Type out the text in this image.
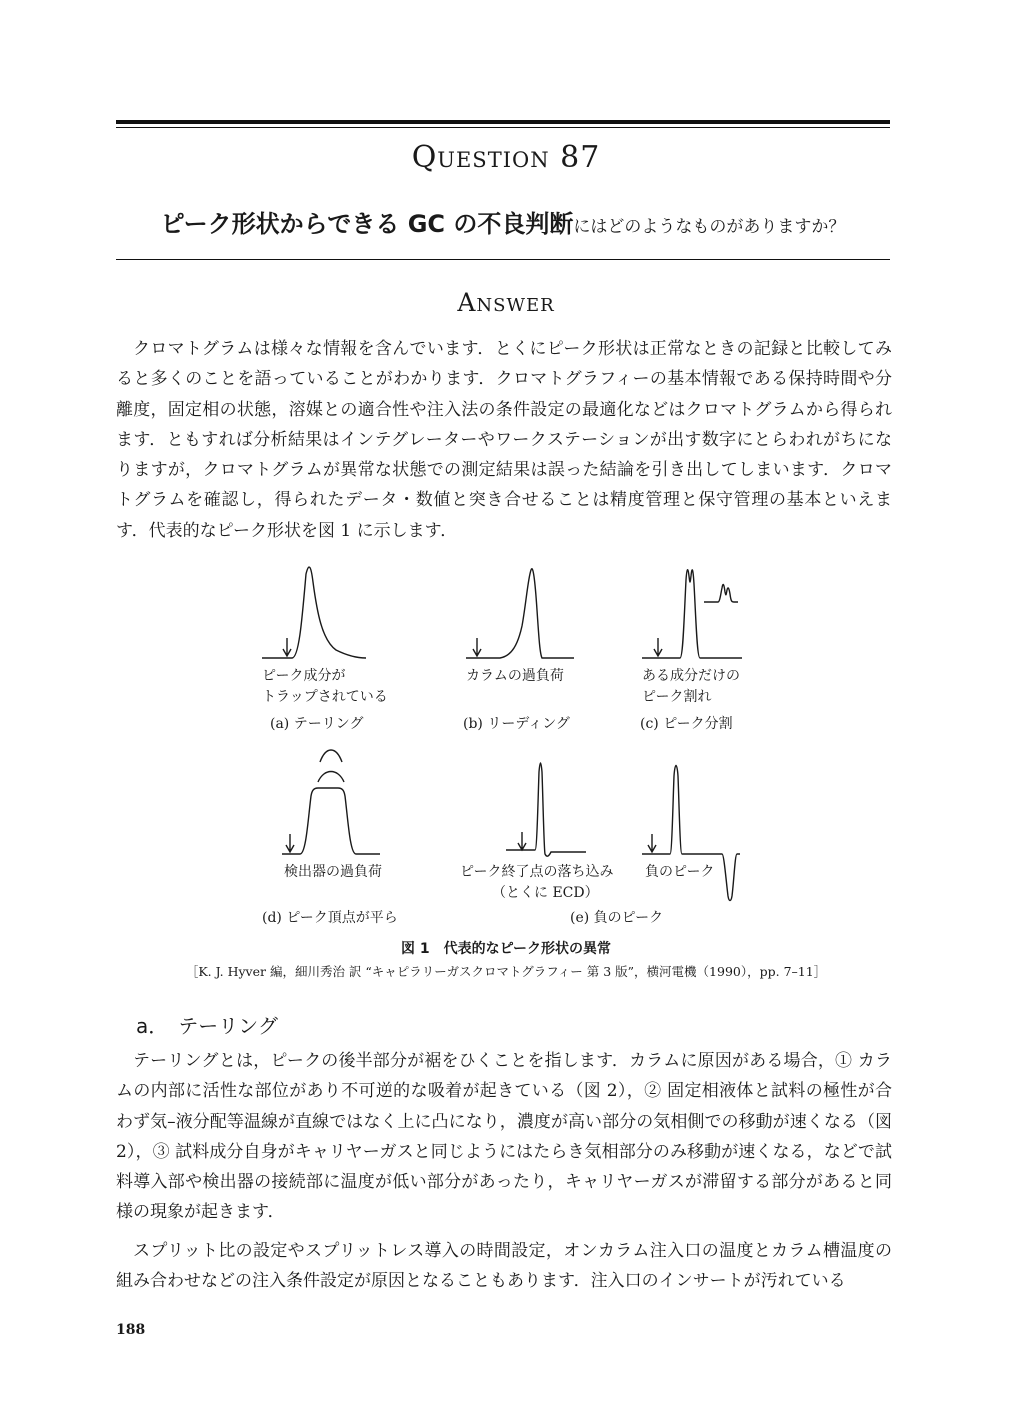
Question 87
ピーク形状からできる GC の不良判断にはどのようなものがありますか？
Answer

クロマトグラムは様々な情報を含んでいます．とくにピーク形状は正常なときの記録と比較してみると多くのことを語っていることがわかります．クロマトグラフィーの基本情報である保持時間や分離度，固定相の状態，溶媒との適合性や注入法の条件設定の最適化などはクロマトグラムから得られます．ともすれば分析結果はインテグレーターやワークステーションが出す数字にとらわれがちになりますが，クロマトグラムが異常な状態での測定結果は誤った結論を引き出してしまいます．クロマトグラムを確認し，得られたデータ・数値と突き合せることは精度管理と保守管理の基本といえます．代表的なピーク形状を図 1 に示します．

ピーク成分が
トラップされている
(a) テーリング
カラムの過負荷
(b) リーディング
ある成分だけの
ピーク割れ
(c) ピーク分割
検出器の過負荷
(d) ピーク頂点が平ら
ピーク終了点の落ち込み
（とくに ECD）
負のピーク
(e) 負のピーク
図 1　代表的なピーク形状の異常
［K. J. Hyver 編，細川秀治 訳 “キャピラリーガスクロマトグラフィー 第 3 版”，横河電機（1990），pp. 7–11］
a．　テーリング

テーリングとは，ピークの後半部分が裾をひくことを指します．カラムに原因がある場合，① カラムの内部に活性な部位があり不可逆的な吸着が起きている（図 2），② 固定相液体と試料の極性が合わず気–液分配等温線が直線ではなく上に凸になり，濃度が高い部分の気相側での移動が速くなる（図 2），③ 試料成分自身がキャリヤーガスと同じようにはたらき気相部分のみ移動が速くなる，などで試料導入部や検出器の接続部に温度が低い部分があったり，キャリヤーガスが滞留する部分があると同様の現象が起きます．

スプリット比の設定やスプリットレス導入の時間設定，オンカラム注入口の温度とカラム槽温度の組み合わせなどの注入条件設定が原因となることもあります．注入口のインサートが汚れている

188
